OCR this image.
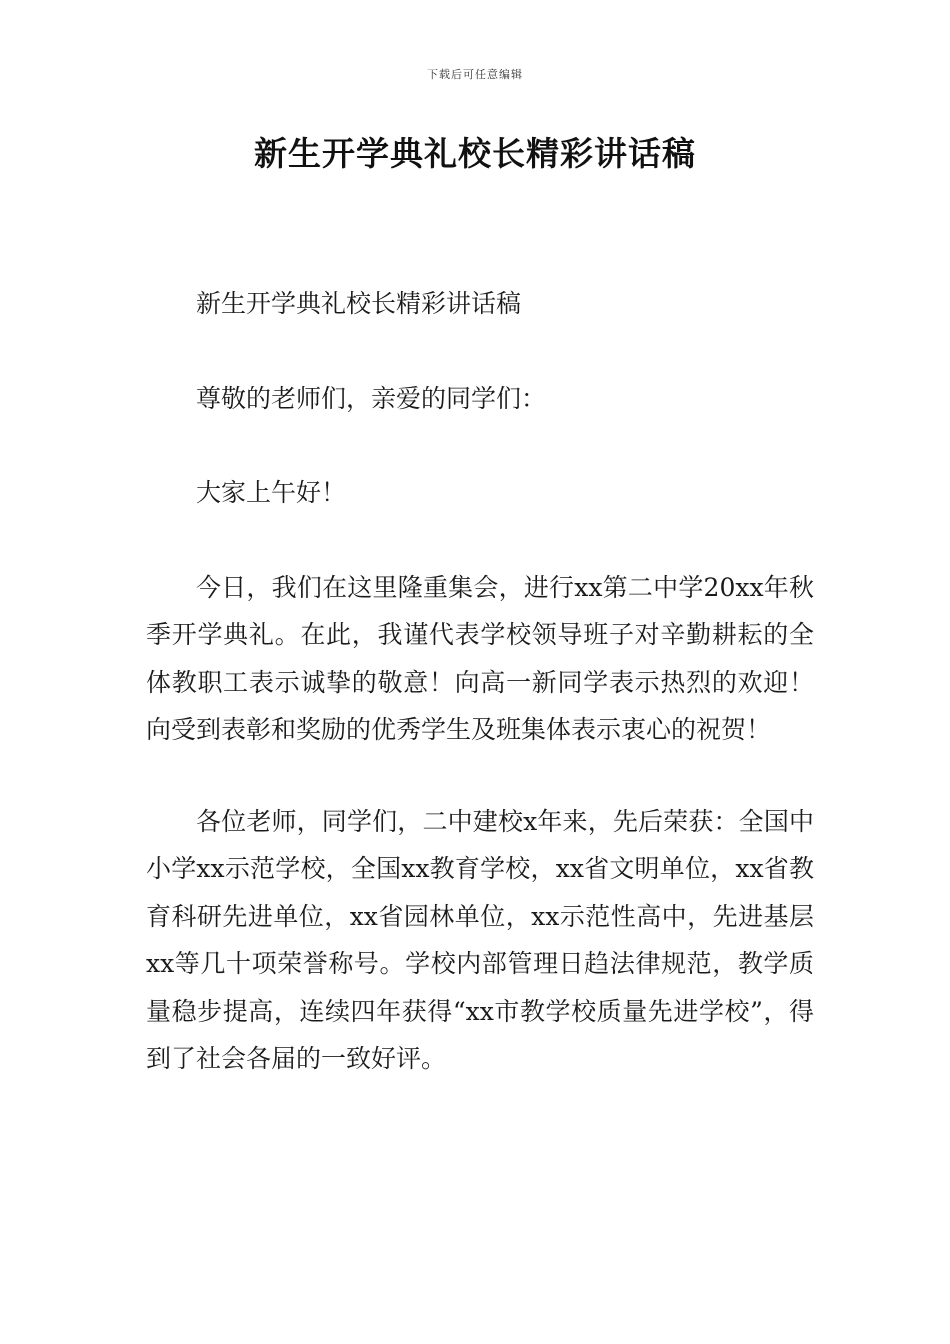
下载后可任意编辑
新生开学典礼校长精彩讲话稿

新生开学典礼校长精彩讲话稿

尊敬的老师们，亲爱的同学们：

大家上午好！

今日，我们在这里隆重集会，进行xx第二中学20xx年秋季开学典礼。在此，我谨代表学校领导班子对辛勤耕耘的全体教职工表示诚挚的敬意！向高一新同学表示热烈的欢迎！向受到表彰和奖励的优秀学生及班集体表示衷心的祝贺！

各位老师，同学们，二中建校x年来，先后荣获：全国中小学xx示范学校，全国xx教育学校，xx省文明单位，xx省教育科研先进单位，xx省园林单位，xx示范性高中，先进基层xx等几十项荣誉称号。学校内部管理日趋法律规范，教学质量稳步提高，连续四年获得“xx市教学校质量先进学校”，得到了社会各届的一致好评。
